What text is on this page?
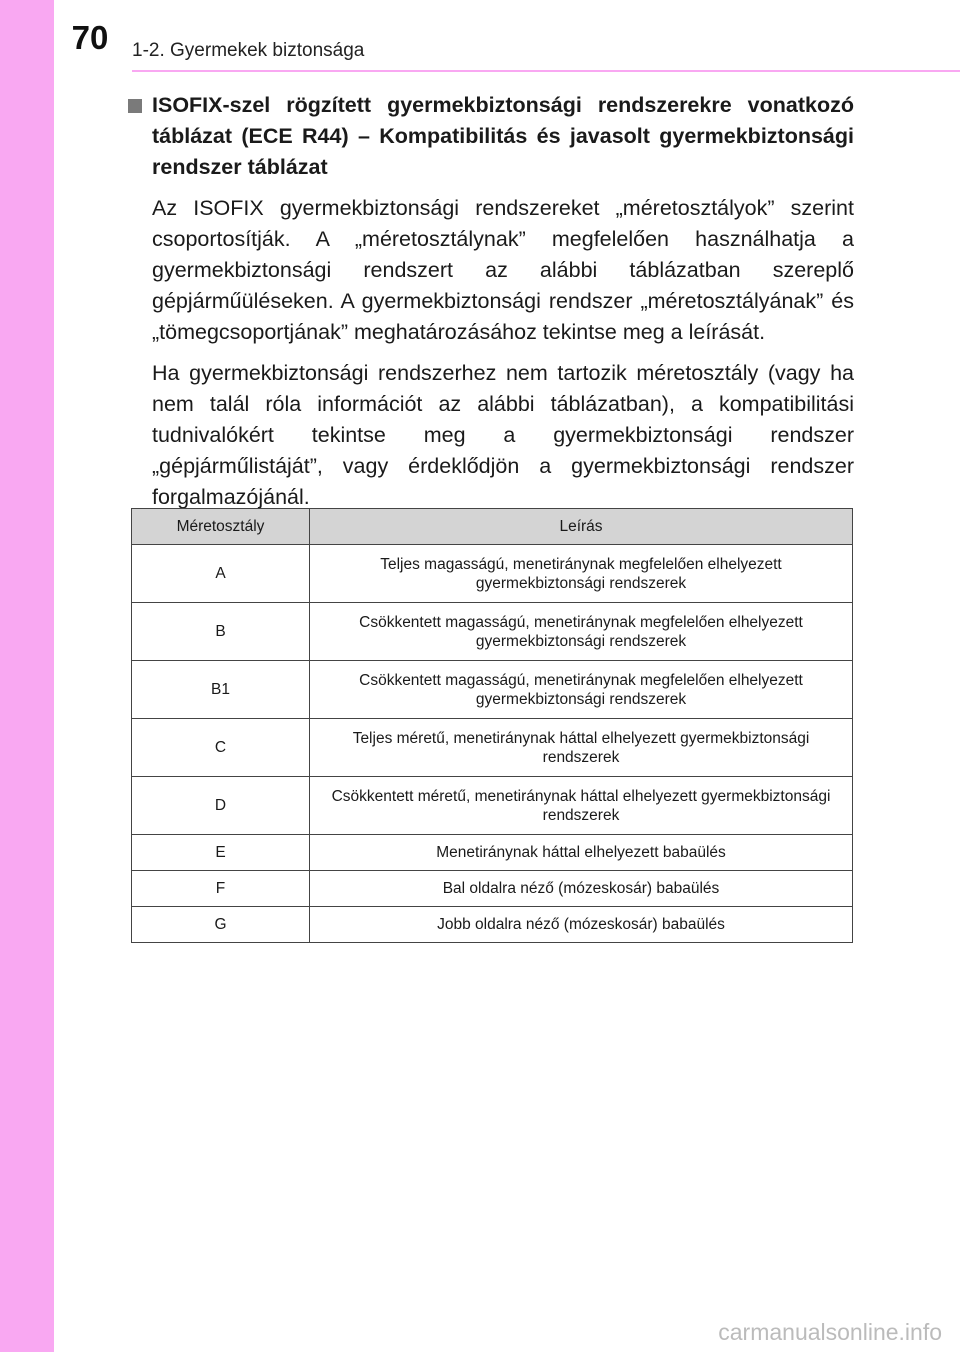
70	1-2. Gyermekek biztonsága
ISOFIX-szel rögzített gyermekbiztonsági rendszerekre vonatkozó táblázat (ECE R44) – Kompatibilitás és javasolt gyermekbiztonsági rendszer táblázat

Az ISOFIX gyermekbiztonsági rendszereket „méretosztályok” szerint csoportosítják. A „méretosztálynak” megfelelően használhatja a gyermekbiztonsági rendszert az alábbi táblázatban szereplő gépjárműüléseken. A gyermekbiztonsági rendszer „méretosztályának” és „tömegcsoportjának” meghatározásához tekintse meg a leírását.

Ha gyermekbiztonsági rendszerhez nem tartozik méretosztály (vagy ha nem talál róla információt az alábbi táblázatban), a kompatibilitási tudnivalókért tekintse meg a gyermekbiztonsági rendszer „gépjárműlistáját”, vagy érdeklődjön a gyermekbiztonsági rendszer forgalmazójánál.

Méretosztály	Leírás
A	Teljes magasságú, menetiránynak megfelelően elhelyezett gyermekbiztonsági rendszerek
B	Csökkentett magasságú, menetiránynak megfelelően elhelyezett gyermekbiztonsági rendszerek
B1	Csökkentett magasságú, menetiránynak megfelelően elhelyezett gyermekbiztonsági rendszerek
C	Teljes méretű, menetiránynak háttal elhelyezett gyermekbiztonsági rendszerek
D	Csökkentett méretű, menetiránynak háttal elhelyezett gyermekbiztonsági rendszerek
E	Menetiránynak háttal elhelyezett babaülés
F	Bal oldalra néző (mózeskosár) babaülés
G	Jobb oldalra néző (mózeskosár) babaülés
carmanualsonline.info
